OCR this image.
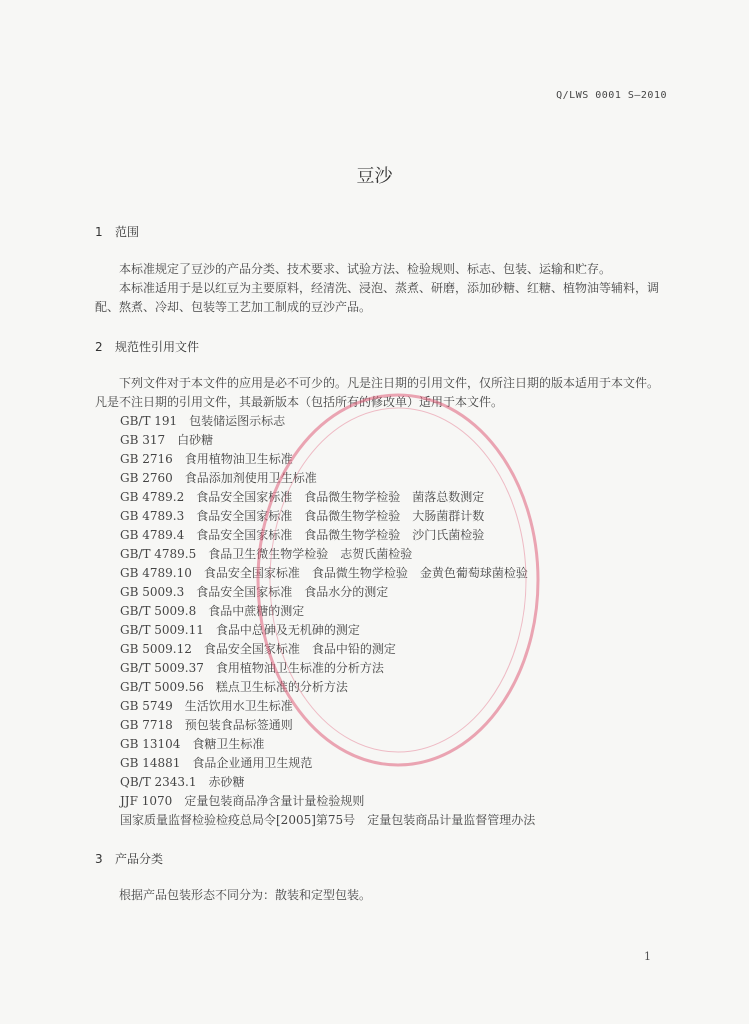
Q/LWS 0001 S—2010
豆沙
1 范围
本标准规定了豆沙的产品分类、技术要求、试验方法、检验规则、标志、包装、运输和贮存。
本标准适用于是以红豆为主要原料，经清洗、浸泡、蒸煮、研磨，添加砂糖、红糖、植物油等辅料，调配、熬煮、冷却、包装等工艺加工制成的豆沙产品。
2 规范性引用文件
下列文件对于本文件的应用是必不可少的。凡是注日期的引用文件，仅所注日期的版本适用于本文件。凡是不注日期的引用文件，其最新版本（包括所有的修改单）适用于本文件。
GB/T 191 包装储运图示标志
GB 317 白砂糖
GB 2716 食用植物油卫生标准
GB 2760 食品添加剂使用卫生标准
GB 4789.2 食品安全国家标准　食品微生物学检验　菌落总数测定
GB 4789.3 食品安全国家标准　食品微生物学检验　大肠菌群计数
GB 4789.4 食品安全国家标准　食品微生物学检验　沙门氏菌检验
GB/T 4789.5 食品卫生微生物学检验　志贺氏菌检验
GB 4789.10 食品安全国家标准　食品微生物学检验　金黄色葡萄球菌检验
GB 5009.3 食品安全国家标准　食品水分的测定
GB/T 5009.8 食品中蔗糖的测定
GB/T 5009.11 食品中总砷及无机砷的测定
GB 5009.12 食品安全国家标准　食品中铅的测定
GB/T 5009.37 食用植物油卫生标准的分析方法
GB/T 5009.56 糕点卫生标准的分析方法
GB 5749 生活饮用水卫生标准
GB 7718 预包装食品标签通则
GB 13104 食糖卫生标准
GB 14881 食品企业通用卫生规范
QB/T 2343.1 赤砂糖
JJF 1070 定量包装商品净含量计量检验规则
国家质量监督检验检疫总局令[2005]第75号 定量包装商品计量监督管理办法
3 产品分类
根据产品包装形态不同分为：散装和定型包装。
1
